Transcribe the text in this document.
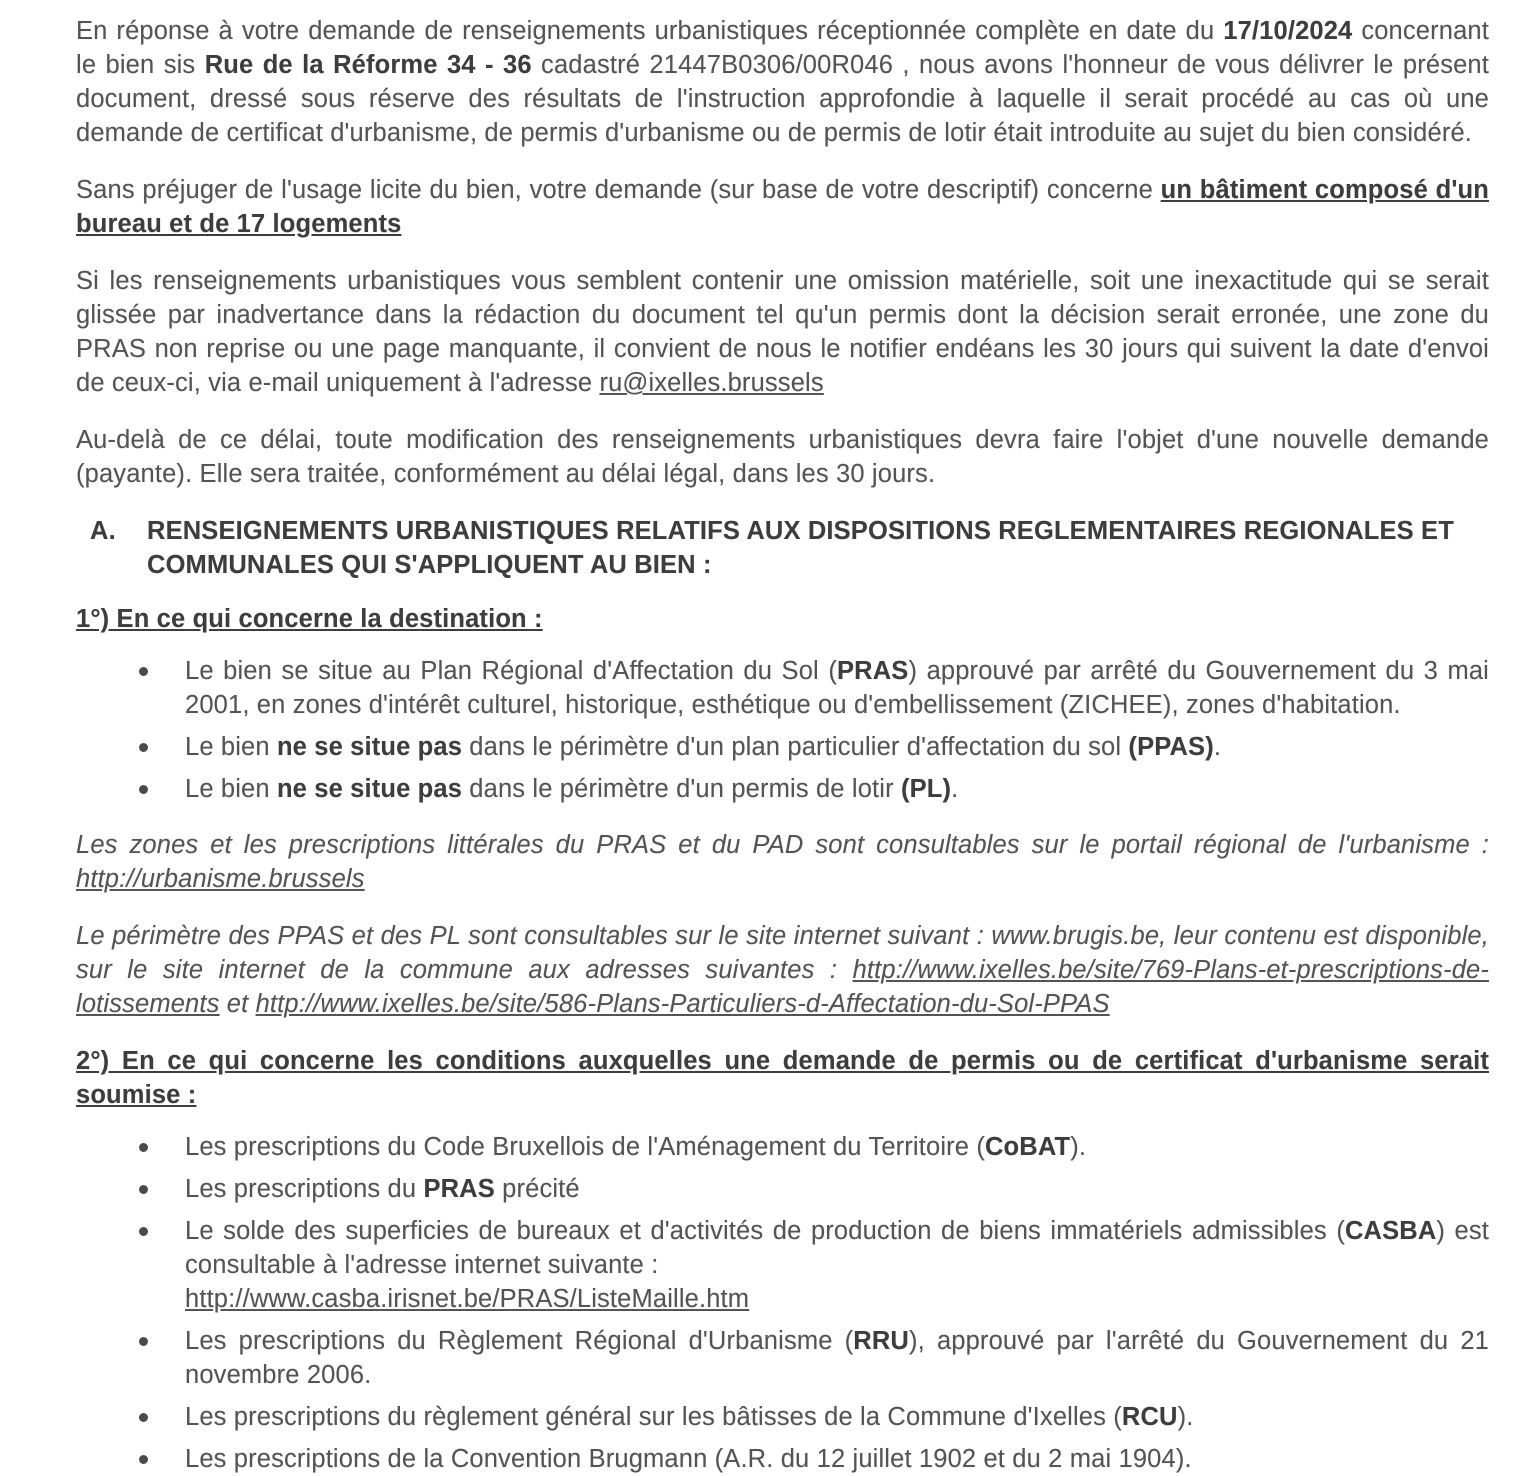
En réponse à votre demande de renseignements urbanistiques réceptionnée complète en date du 17/10/2024 concernant le bien sis Rue de la Réforme 34 - 36 cadastré 21447B0306/00R046 , nous avons l'honneur de vous délivrer le présent document, dressé sous réserve des résultats de l'instruction approfondie à laquelle il serait procédé au cas où une demande de certificat d'urbanisme, de permis d'urbanisme ou de permis de lotir était introduite au sujet du bien considéré.

Sans préjuger de l'usage licite du bien, votre demande (sur base de votre descriptif) concerne un bâtiment composé d'un bureau et de 17 logements

Si les renseignements urbanistiques vous semblent contenir une omission matérielle, soit une inexactitude qui se serait glissée par inadvertance dans la rédaction du document tel qu'un permis dont la décision serait erronée, une zone du PRAS non reprise ou une page manquante, il convient de nous le notifier endéans les 30 jours qui suivent la date d'envoi de ceux-ci, via e-mail uniquement à l'adresse ru@ixelles.brussels

Au-delà de ce délai, toute modification des renseignements urbanistiques devra faire l'objet d'une nouvelle demande (payante). Elle sera traitée, conformément au délai légal, dans les 30 jours.

A.	RENSEIGNEMENTS URBANISTIQUES RELATIFS AUX DISPOSITIONS REGLEMENTAIRES REGIONALES ET COMMUNALES QUI S'APPLIQUENT AU BIEN :

1°) En ce qui concerne la destination :

Le bien se situe au Plan Régional d'Affectation du Sol (PRAS) approuvé par arrêté du Gouvernement du 3 mai 2001, en zones d'intérêt culturel, historique, esthétique ou d'embellissement (ZICHEE), zones d'habitation.
Le bien ne se situe pas dans le périmètre d'un plan particulier d'affectation du sol (PPAS).
Le bien ne se situe pas dans le périmètre d'un permis de lotir (PL).

Les zones et les prescriptions littérales du PRAS et du PAD sont consultables sur le portail régional de l'urbanisme : http://urbanisme.brussels

Le périmètre des PPAS et des PL sont consultables sur le site internet suivant : www.brugis.be, leur contenu est disponible, sur le site internet de la commune aux adresses suivantes : http://www.ixelles.be/site/769-Plans-et-prescriptions-de-lotissements et http://www.ixelles.be/site/586-Plans-Particuliers-d-Affectation-du-Sol-PPAS

2°) En ce qui concerne les conditions auxquelles une demande de permis ou de certificat d'urbanisme serait soumise :

Les prescriptions du Code Bruxellois de l'Aménagement du Territoire (CoBAT).
Les prescriptions du PRAS précité
Le solde des superficies de bureaux et d'activités de production de biens immatériels admissibles (CASBA) est consultable à l'adresse internet suivante :
http://www.casba.irisnet.be/PRAS/ListeMaille.htm
Les prescriptions du Règlement Régional d'Urbanisme (RRU), approuvé par l'arrêté du Gouvernement du 21 novembre 2006.
Les prescriptions du règlement général sur les bâtisses de la Commune d'Ixelles (RCU).
Les prescriptions de la Convention Brugmann (A.R. du 12 juillet 1902 et du 2 mai 1904).
